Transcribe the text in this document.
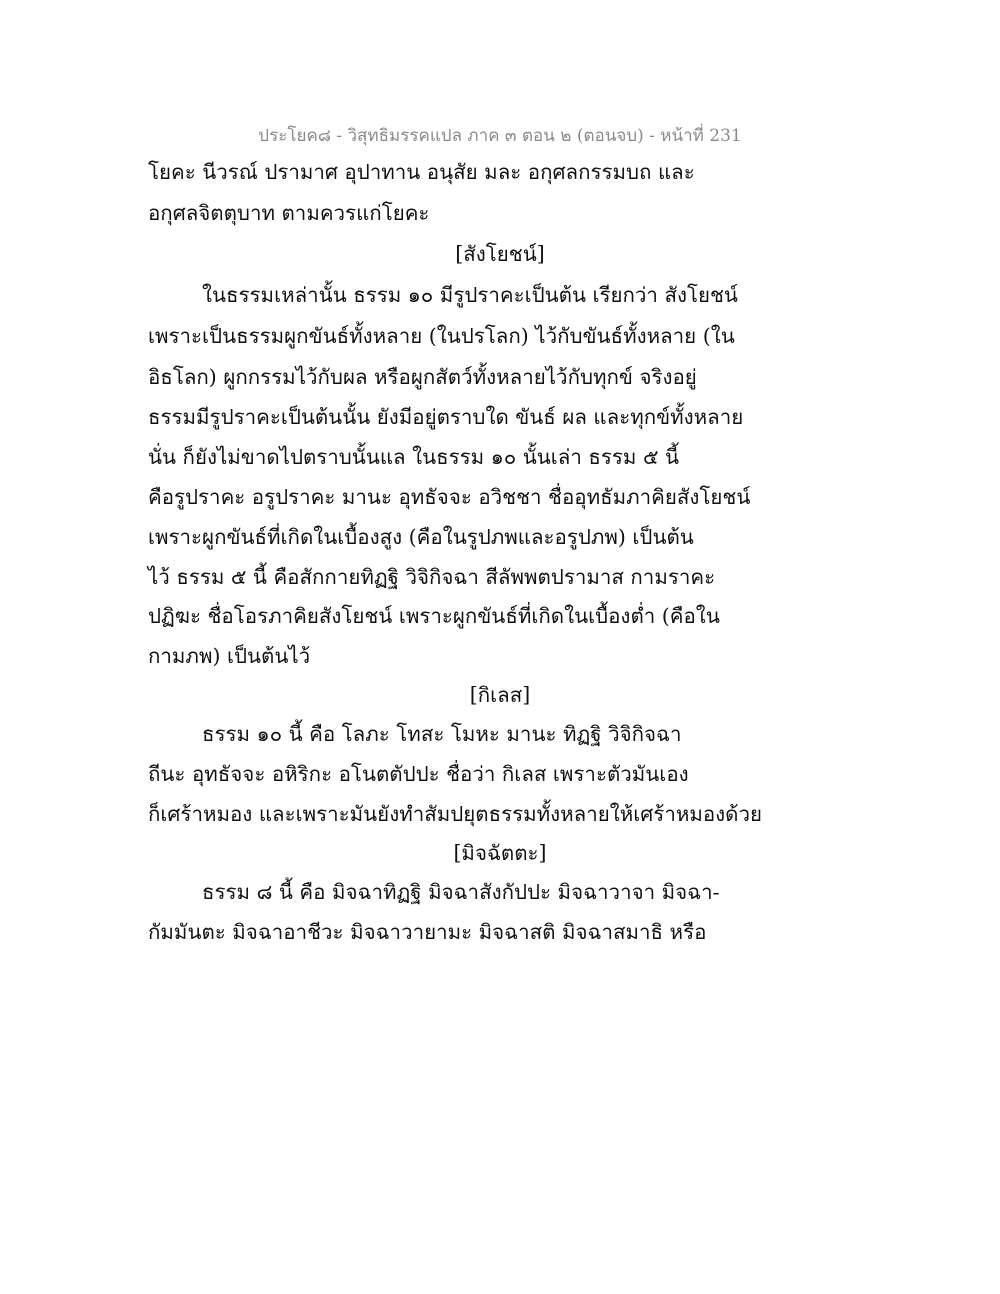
ประโยค๘ - วิสุทธิมรรคแปล ภาค ๓ ตอน ๒ (ตอนจบ) - หน้าที่ 231
โยคะ นีวรณ์ ปรามาศ อุปาทาน อนุสัย มละ อกุศลกรรมบถ และ
อกุศลจิตตุบาท ตามควรแก่โยคะ
[สังโยชน์]
ในธรรมเหล่านั้น ธรรม ๑๐ มีรูปราคะเป็นต้น เรียกว่า สังโยชน์
เพราะเป็นธรรมผูกขันธ์ทั้งหลาย (ในปรโลก) ไว้กับขันธ์ทั้งหลาย (ใน
อิธโลก) ผูกกรรมไว้กับผล หรือผูกสัตว์ทั้งหลายไว้กับทุกข์ จริงอยู่
ธรรมมีรูปราคะเป็นต้นนั้น ยังมีอยู่ตราบใด ขันธ์ ผล และทุกข์ทั้งหลาย
นั่น ก็ยังไม่ขาดไปตราบนั้นแล ในธรรม ๑๐ นั้นเล่า ธรรม ๕ นี้
คือรูปราคะ อรูปราคะ มานะ อุทธัจจะ อวิชชา ชื่ออุทธัมภาคิยสังโยชน์
เพราะผูกขันธ์ที่เกิดในเบื้องสูง (คือในรูปภพและอรูปภพ) เป็นต้น
ไว้ ธรรม ๕ นี้ คือสักกายทิฏฐิ วิจิกิจฉา สีลัพพตปรามาส กามราคะ
ปฏิฆะ ชื่อโอรภาคิยสังโยชน์ เพราะผูกขันธ์ที่เกิดในเบื้องต่ำ (คือใน
กามภพ) เป็นต้นไว้
[กิเลส]
ธรรม ๑๐ นี้ คือ โลภะ โทสะ โมหะ มานะ ทิฏฐิ วิจิกิจฉา
ถีนะ อุทธัจจะ อหิริกะ อโนตตัปปะ ชื่อว่า กิเลส เพราะตัวมันเอง
ก็เศร้าหมอง และเพราะมันยังทำสัมปยุตธรรมทั้งหลายให้เศร้าหมองด้วย
[มิจฉัตตะ]
ธรรม ๘ นี้ คือ มิจฉาทิฏฐิ มิจฉาสังกัปปะ มิจฉาวาจา มิจฉา-
กัมมันตะ มิจฉาอาชีวะ มิจฉาวายามะ มิจฉาสติ มิจฉาสมาธิ หรือ
